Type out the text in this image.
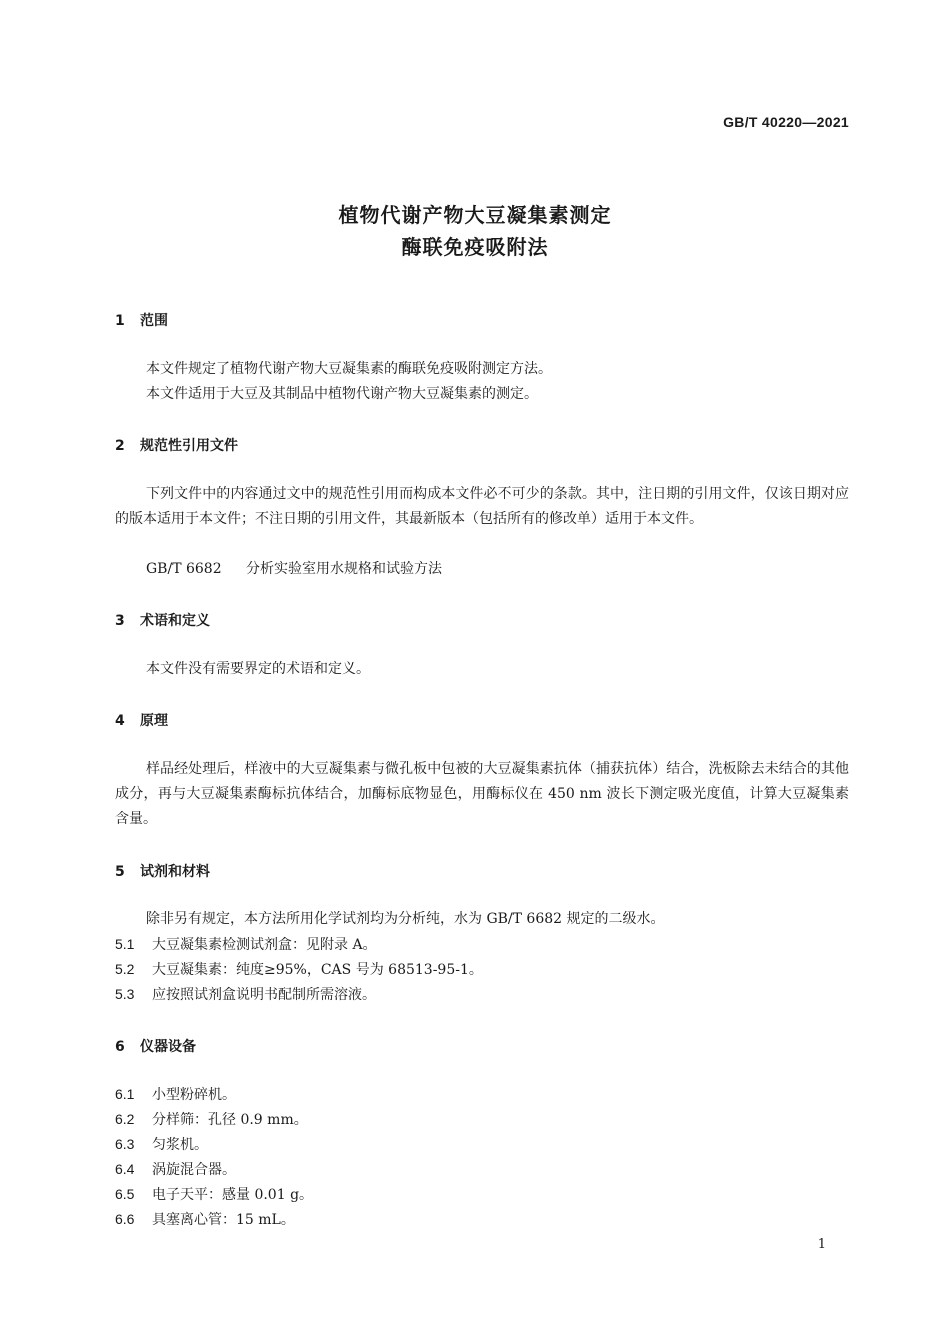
GB/T 40220—2021
植物代谢产物大豆凝集素测定
酶联免疫吸附法
1 范围
本文件规定了植物代谢产物大豆凝集素的酶联免疫吸附测定方法。
本文件适用于大豆及其制品中植物代谢产物大豆凝集素的测定。
2 规范性引用文件
下列文件中的内容通过文中的规范性引用而构成本文件必不可少的条款。其中，注日期的引用文件，仅该日期对应的版本适用于本文件；不注日期的引用文件，其最新版本（包括所有的修改单）适用于本文件。
GB/T 6682 分析实验室用水规格和试验方法
3 术语和定义
本文件没有需要界定的术语和定义。
4 原理
样品经处理后，样液中的大豆凝集素与微孔板中包被的大豆凝集素抗体（捕获抗体）结合，洗板除去未结合的其他成分，再与大豆凝集素酶标抗体结合，加酶标底物显色，用酶标仪在 450 nm 波长下测定吸光度值，计算大豆凝集素含量。
5 试剂和材料
除非另有规定，本方法所用化学试剂均为分析纯，水为 GB/T 6682 规定的二级水。
5.1 大豆凝集素检测试剂盒：见附录 A。
5.2 大豆凝集素：纯度≥95%，CAS 号为 68513-95-1。
5.3 应按照试剂盒说明书配制所需溶液。
6 仪器设备
6.1 小型粉碎机。
6.2 分样筛：孔径 0.9 mm。
6.3 匀浆机。
6.4 涡旋混合器。
6.5 电子天平：感量 0.01 g。
6.6 具塞离心管：15 mL。
1
